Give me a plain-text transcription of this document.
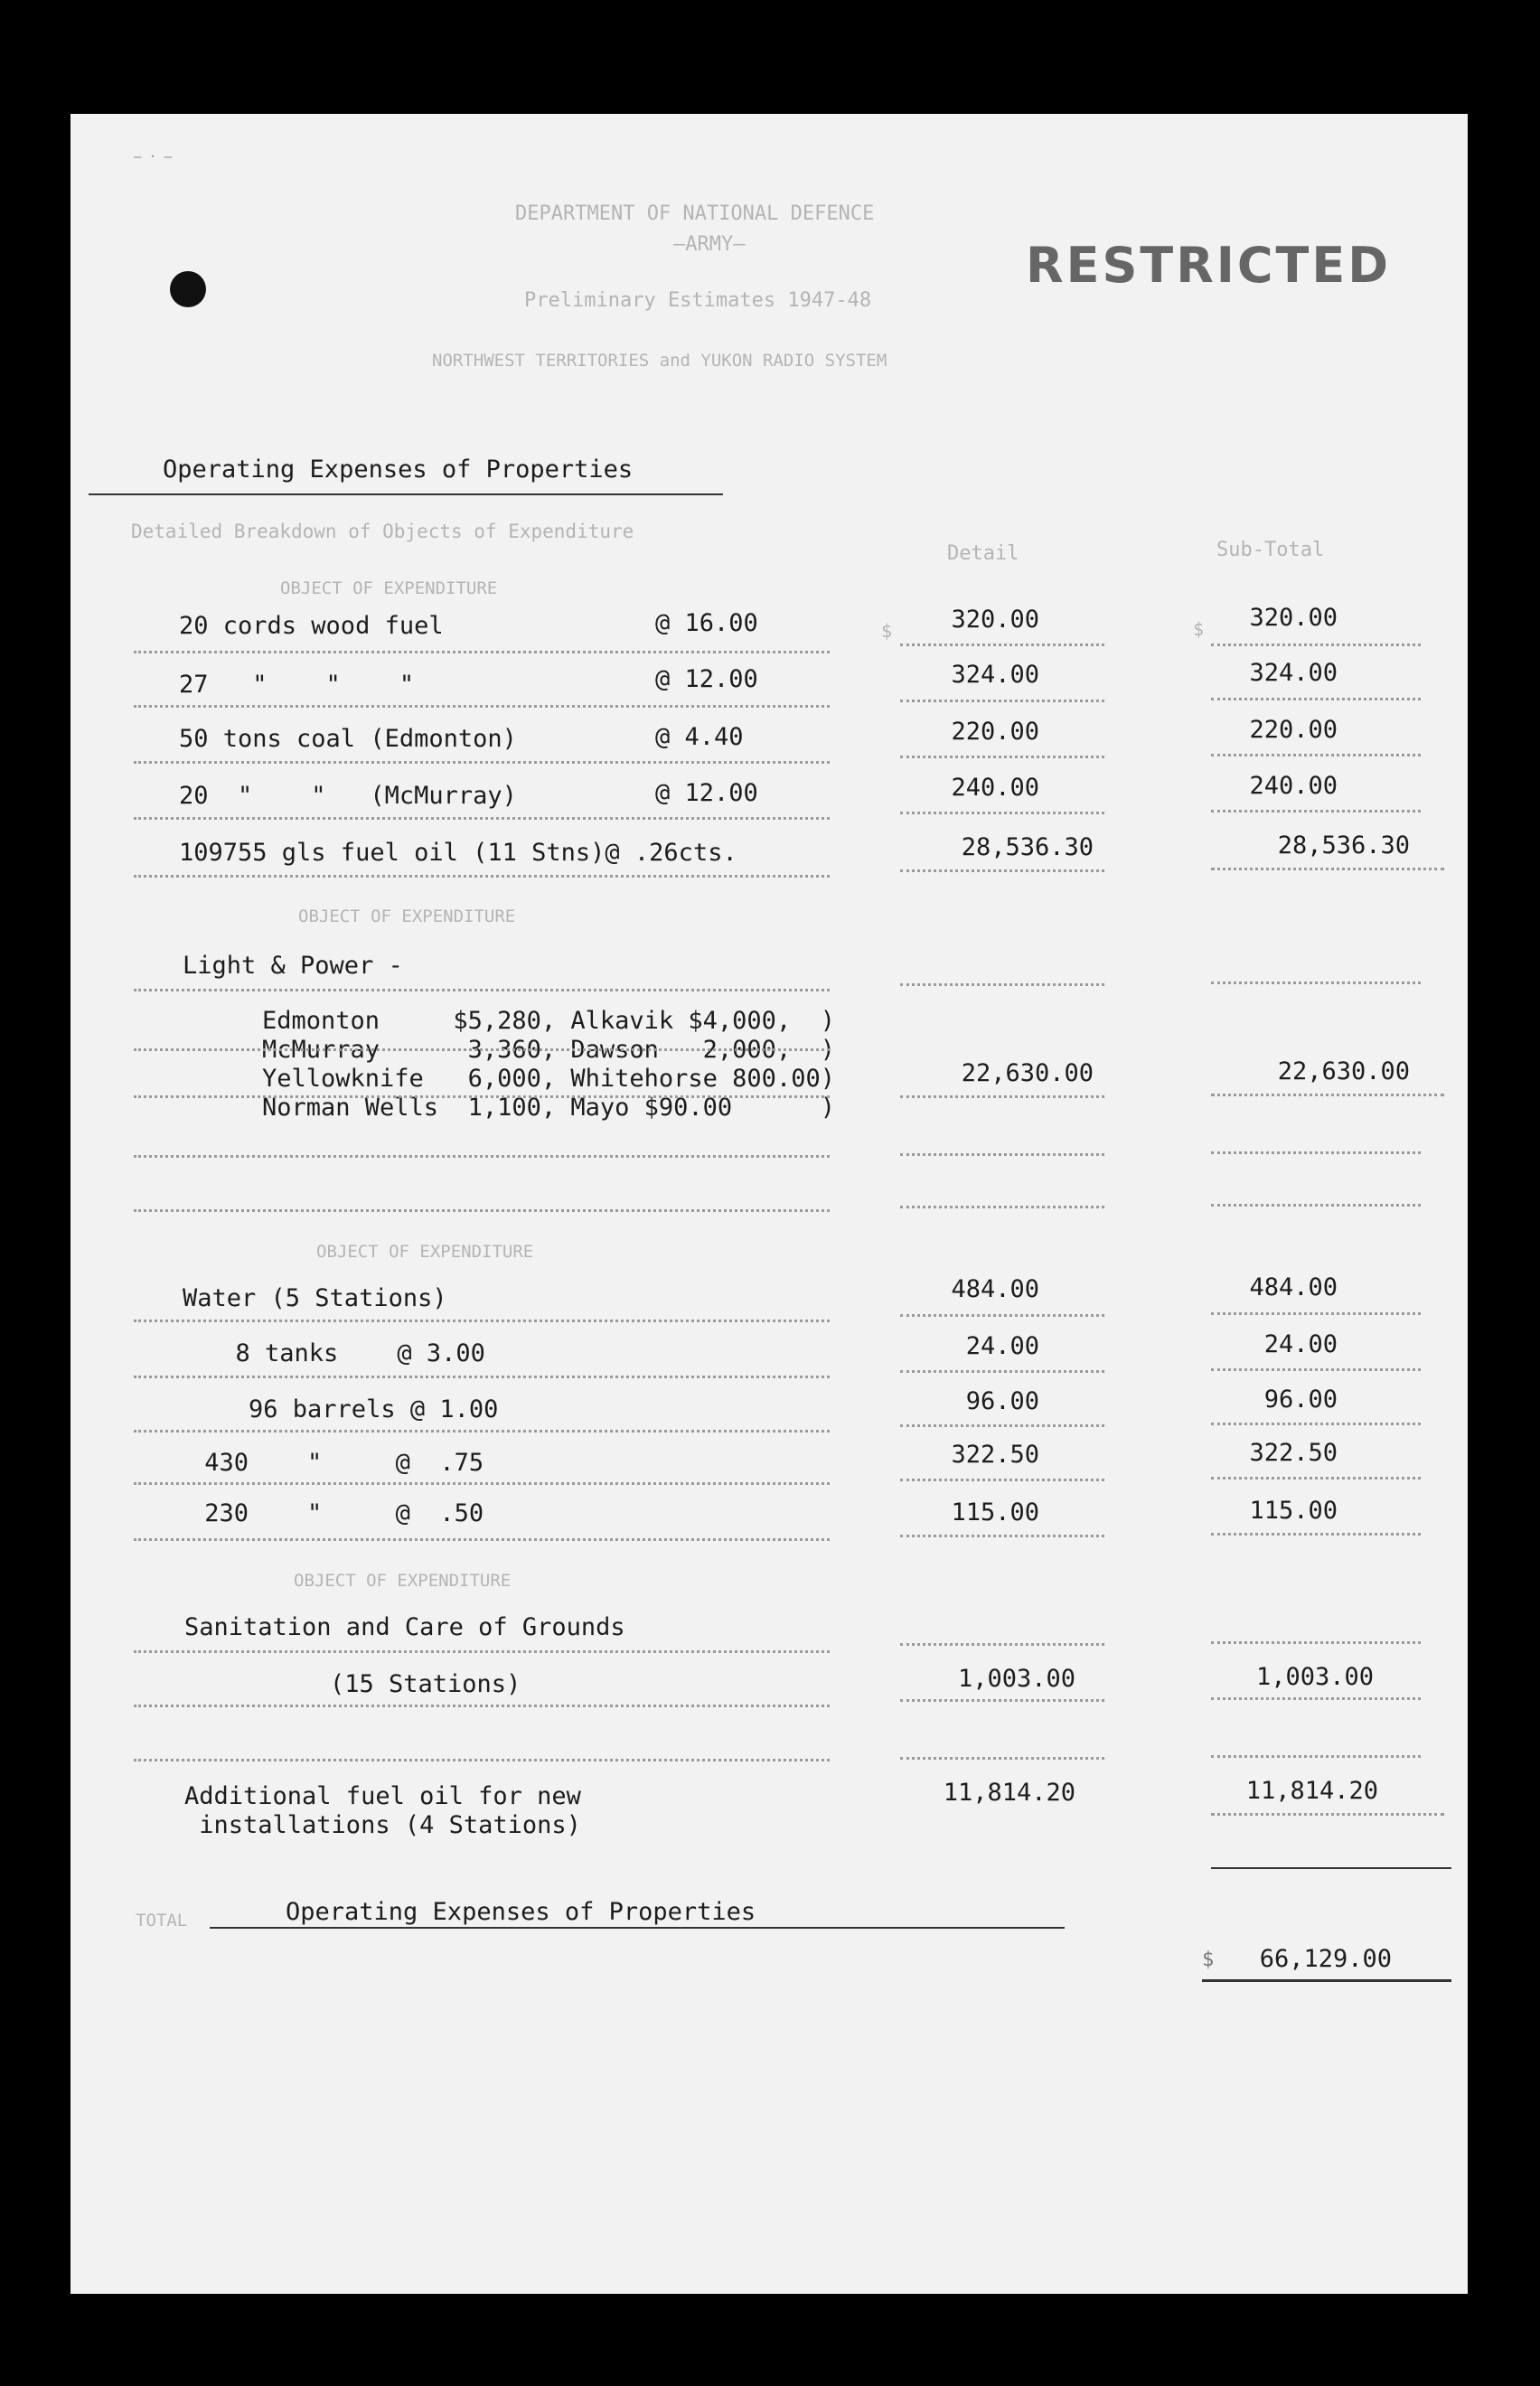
— · —
DEPARTMENT OF NATIONAL DEFENCE
—ARMY—
Preliminary Estimates 1947-48
NORTHWEST TERRITORIES and YUKON RADIO SYSTEM
RESTRICTED
Operating Expenses of Properties
Detailed Breakdown of Objects of Expenditure
Detail	Sub-Total
OBJECT OF EXPENDITURE
20 cords wood fuel	@ 16.00	$	320.00	$	320.00
27   "    "    "	@ 12.00	324.00	324.00
50 tons coal (Edmonton)	@ 4.40	220.00	220.00
20  "    "   (McMurray)	@ 12.00	240.00	240.00
109755 gls fuel oil (11 Stns)@ .26cts.	28,536.30	28,536.30
OBJECT OF EXPENDITURE
Light & Power -
Edmonton     $5,280, Alkavik $4,000,  )
McMurray      3,360, Dawson   2,000,  )
Yellowknife   6,000, Whitehorse 800.00)
Norman Wells  1,100, Mayo $90.00      )
22,630.00	22,630.00
OBJECT OF EXPENDITURE
Water (5 Stations)	484.00	484.00
8 tanks    @ 3.00	24.00	24.00
96 barrels @ 1.00	96.00	96.00
430    "     @  .75	322.50	322.50
230    "     @  .50	115.00	115.00
OBJECT OF EXPENDITURE
Sanitation and Care of Grounds
(15 Stations)	1,003.00	1,003.00
Additional fuel oil for new
installations (4 Stations)
11,814.20	11,814.20
TOTAL	Operating Expenses of Properties
$	66,129.00
